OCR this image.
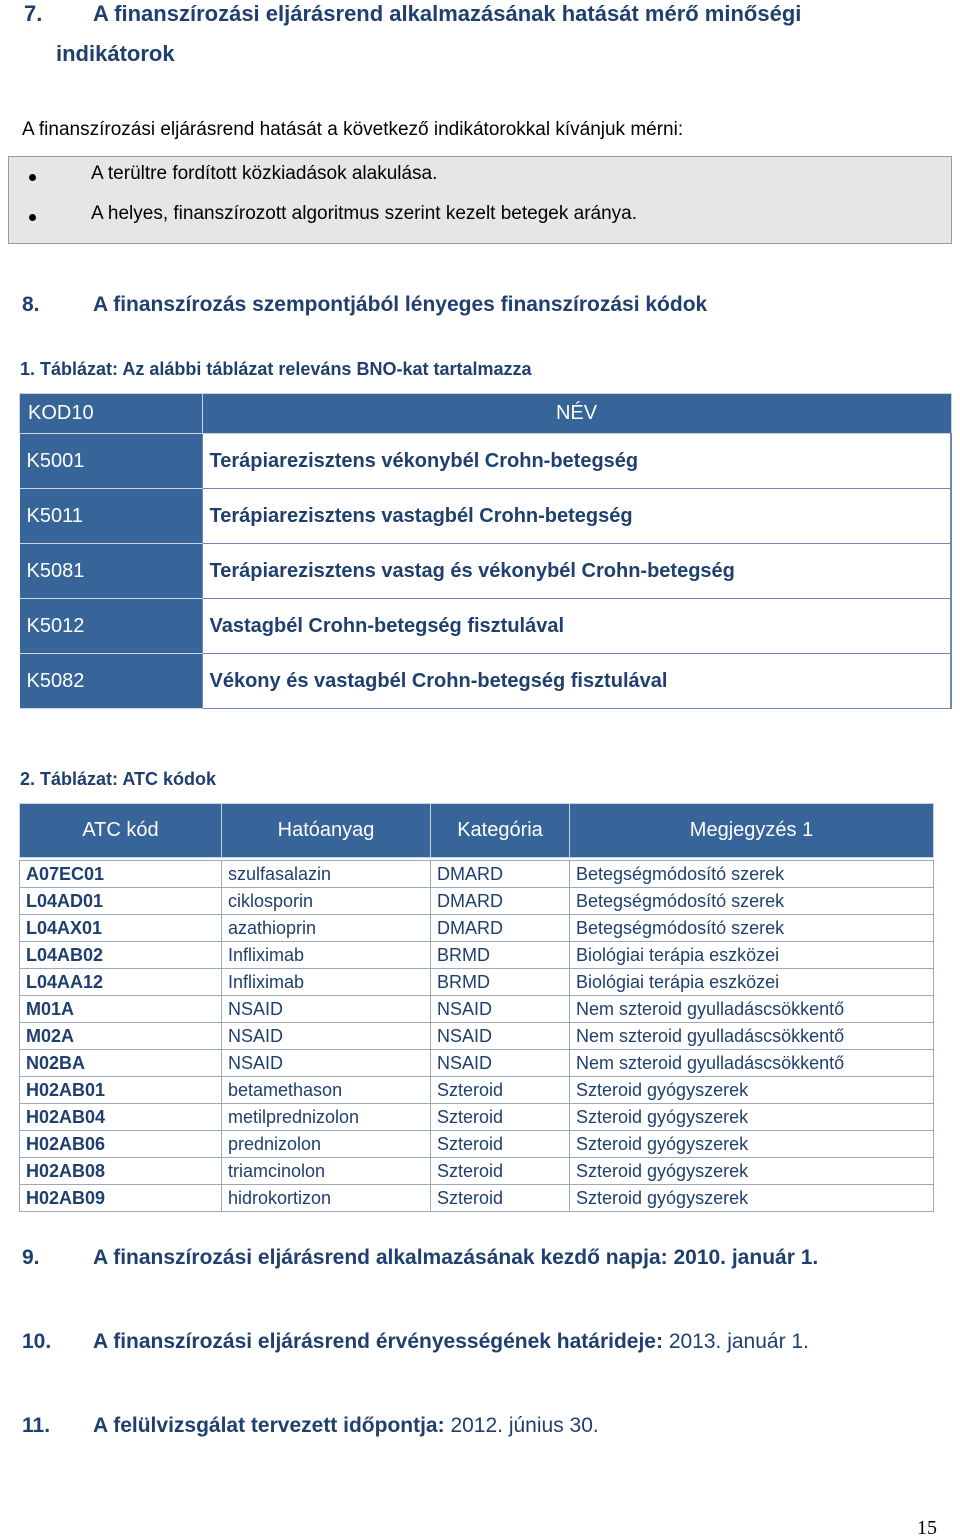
7. A finanszírozási eljárásrend alkalmazásának hatását mérő minőségi
indikátorok
A finanszírozási eljárásrend hatását a következő indikátorokkal kívánjuk mérni:
A terültre fordított közkiadások alakulása.
A helyes, finanszírozott algoritmus szerint kezelt betegek aránya.
8.	A finanszírozás szempontjából lényeges finanszírozási kódok
1. Táblázat: Az alábbi táblázat releváns BNO-kat tartalmazza
KOD10	NÉV
K5001	Terápiarezisztens vékonybél Crohn-betegség
K5011	Terápiarezisztens vastagbél Crohn-betegség
K5081	Terápiarezisztens vastag és vékonybél Crohn-betegség
K5012	Vastagbél Crohn-betegség fisztulával
K5082	Vékony és vastagbél Crohn-betegség fisztulával
2. Táblázat: ATC kódok
ATC kód	Hatóanyag	Kategória	Megjegyzés 1

A07EC01	szulfasalazin	DMARD	Betegségmódosító szerek
L04AD01	ciklosporin	DMARD	Betegségmódosító szerek
L04AX01	azathioprin	DMARD	Betegségmódosító szerek
L04AB02	Infliximab	BRMD	Biológiai terápia eszközei
L04AA12	Infliximab	BRMD	Biológiai terápia eszközei
M01A	NSAID	NSAID	Nem szteroid gyulladáscsökkentő
M02A	NSAID	NSAID	Nem szteroid gyulladáscsökkentő
N02BA	NSAID	NSAID	Nem szteroid gyulladáscsökkentő
H02AB01	betamethason	Szteroid	Szteroid gyógyszerek
H02AB04	metilprednizolon	Szteroid	Szteroid gyógyszerek
H02AB06	prednizolon	Szteroid	Szteroid gyógyszerek
H02AB08	triamcinolon	Szteroid	Szteroid gyógyszerek
H02AB09	hidrokortizon	Szteroid	Szteroid gyógyszerek
9.	A finanszírozási eljárásrend alkalmazásának kezdő napja: 2010. január 1.
10. A finanszírozási eljárásrend érvényességének határideje: 2013. január 1.
11. A felülvizsgálat tervezett időpontja: 2012. június 30.
15
